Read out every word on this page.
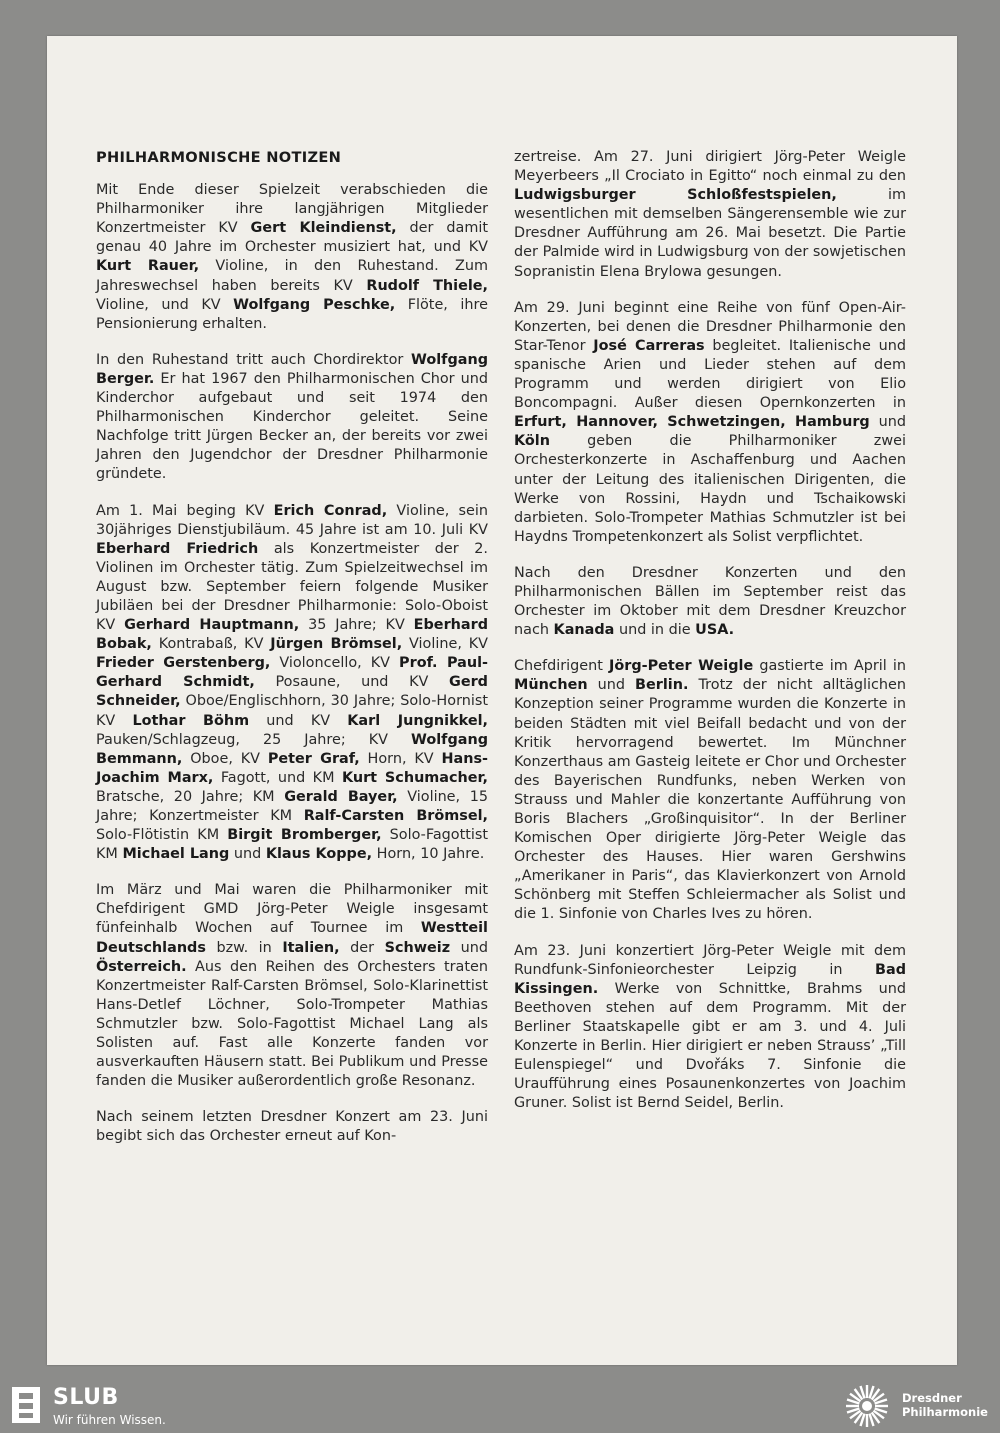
PHILHARMONISCHE NOTIZEN

Mit Ende dieser Spielzeit verabschieden die Philharmoniker ihre langjährigen Mitglieder Konzertmeister KV Gert Kleindienst, der damit genau 40 Jahre im Orchester musiziert hat, und KV Kurt Rauer, Violine, in den Ruhestand. Zum Jahreswechsel haben bereits KV Rudolf Thiele, Violine, und KV Wolfgang Peschke, Flöte, ihre Pensionierung erhalten.

In den Ruhestand tritt auch Chordirektor Wolfgang Berger. Er hat 1967 den Philharmonischen Chor und Kinderchor aufgebaut und seit 1974 den Philharmonischen Kinderchor geleitet. Seine Nachfolge tritt Jürgen Becker an, der bereits vor zwei Jahren den Jugendchor der Dresdner Philharmonie gründete.

Am 1. Mai beging KV Erich Conrad, Violine, sein 30jähriges Dienstjubiläum. 45 Jahre ist am 10. Juli KV Eberhard Friedrich als Konzertmeister der 2. Violinen im Orchester tätig. Zum Spielzeitwechsel im August bzw. September feiern folgende Musiker Jubiläen bei der Dresdner Philharmonie: Solo-Oboist KV Gerhard Hauptmann, 35 Jahre; KV Eberhard Bobak, Kontrabaß, KV Jürgen Brömsel, Violine, KV Frieder Gerstenberg, Violoncello, KV Prof. Paul-Gerhard Schmidt, Posaune, und KV Gerd Schneider, Oboe/Englischhorn, 30 Jahre; Solo-Hornist KV Lothar Böhm und KV Karl Jungnikkel, Pauken/Schlagzeug, 25 Jahre; KV Wolfgang Bemmann, Oboe, KV Peter Graf, Horn, KV Hans-Joachim Marx, Fagott, und KM Kurt Schumacher, Bratsche, 20 Jahre; KM Gerald Bayer, Violine, 15 Jahre; Konzertmeister KM Ralf-Carsten Brömsel, Solo-Flötistin KM Birgit Bromberger, Solo-Fagottist KM Michael Lang und Klaus Koppe, Horn, 10 Jahre.

Im März und Mai waren die Philharmoniker mit Chefdirigent GMD Jörg-Peter Weigle insgesamt fünfeinhalb Wochen auf Tournee im Westteil Deutschlands bzw. in Italien, der Schweiz und Österreich. Aus den Reihen des Orchesters traten Konzertmeister Ralf-Carsten Brömsel, Solo-Klarinettist Hans-Detlef Löchner, Solo-Trompeter Mathias Schmutzler bzw. Solo-Fagottist Michael Lang als Solisten auf. Fast alle Konzerte fanden vor ausverkauften Häusern statt. Bei Publikum und Presse fanden die Musiker außerordentlich große Resonanz.

Nach seinem letzten Dresdner Konzert am 23. Juni begibt sich das Orchester erneut auf Kon-

zertreise. Am 27. Juni dirigiert Jörg-Peter Weigle Meyerbeers „Il Crociato in Egitto“ noch einmal zu den Ludwigsburger Schloßfestspielen, im wesentlichen mit demselben Sängerensemble wie zur Dresdner Aufführung am 26. Mai besetzt. Die Partie der Palmide wird in Ludwigsburg von der sowjetischen Sopranistin Elena Brylowa gesungen.

Am 29. Juni beginnt eine Reihe von fünf Open-Air-Konzerten, bei denen die Dresdner Philharmonie den Star-Tenor José Carreras begleitet. Italienische und spanische Arien und Lieder stehen auf dem Programm und werden dirigiert von Elio Boncompagni. Außer diesen Opernkonzerten in Erfurt, Hannover, Schwetzingen, Hamburg und Köln geben die Philharmoniker zwei Orchesterkonzerte in Aschaffenburg und Aachen unter der Leitung des italienischen Dirigenten, die Werke von Rossini, Haydn und Tschaikowski darbieten. Solo-Trompeter Mathias Schmutzler ist bei Haydns Trompetenkonzert als Solist verpflichtet.

Nach den Dresdner Konzerten und den Philharmonischen Bällen im September reist das Orchester im Oktober mit dem Dresdner Kreuzchor nach Kanada und in die USA.

Chefdirigent Jörg-Peter Weigle gastierte im April in München und Berlin. Trotz der nicht alltäglichen Konzeption seiner Programme wurden die Konzerte in beiden Städten mit viel Beifall bedacht und von der Kritik hervorragend bewertet. Im Münchner Konzerthaus am Gasteig leitete er Chor und Orchester des Bayerischen Rundfunks, neben Werken von Strauss und Mahler die konzertante Aufführung von Boris Blachers „Großinquisitor“. In der Berliner Komischen Oper dirigierte Jörg-Peter Weigle das Orchester des Hauses. Hier waren Gershwins „Amerikaner in Paris“, das Klavierkonzert von Arnold Schönberg mit Steffen Schleiermacher als Solist und die 1. Sinfonie von Charles Ives zu hören.

Am 23. Juni konzertiert Jörg-Peter Weigle mit dem Rundfunk-Sinfonieorchester Leipzig in Bad Kissingen. Werke von Schnittke, Brahms und Beethoven stehen auf dem Programm. Mit der Berliner Staatskapelle gibt er am 3. und 4. Juli Konzerte in Berlin. Hier dirigiert er neben Strauss’ „Till Eulenspiegel“ und Dvořáks 7. Sinfonie die Uraufführung eines Posaunenkonzertes von Joachim Gruner. Solist ist Bernd Seidel, Berlin.

SLUB
Wir führen Wissen.
Dresdner
Philharmonie
